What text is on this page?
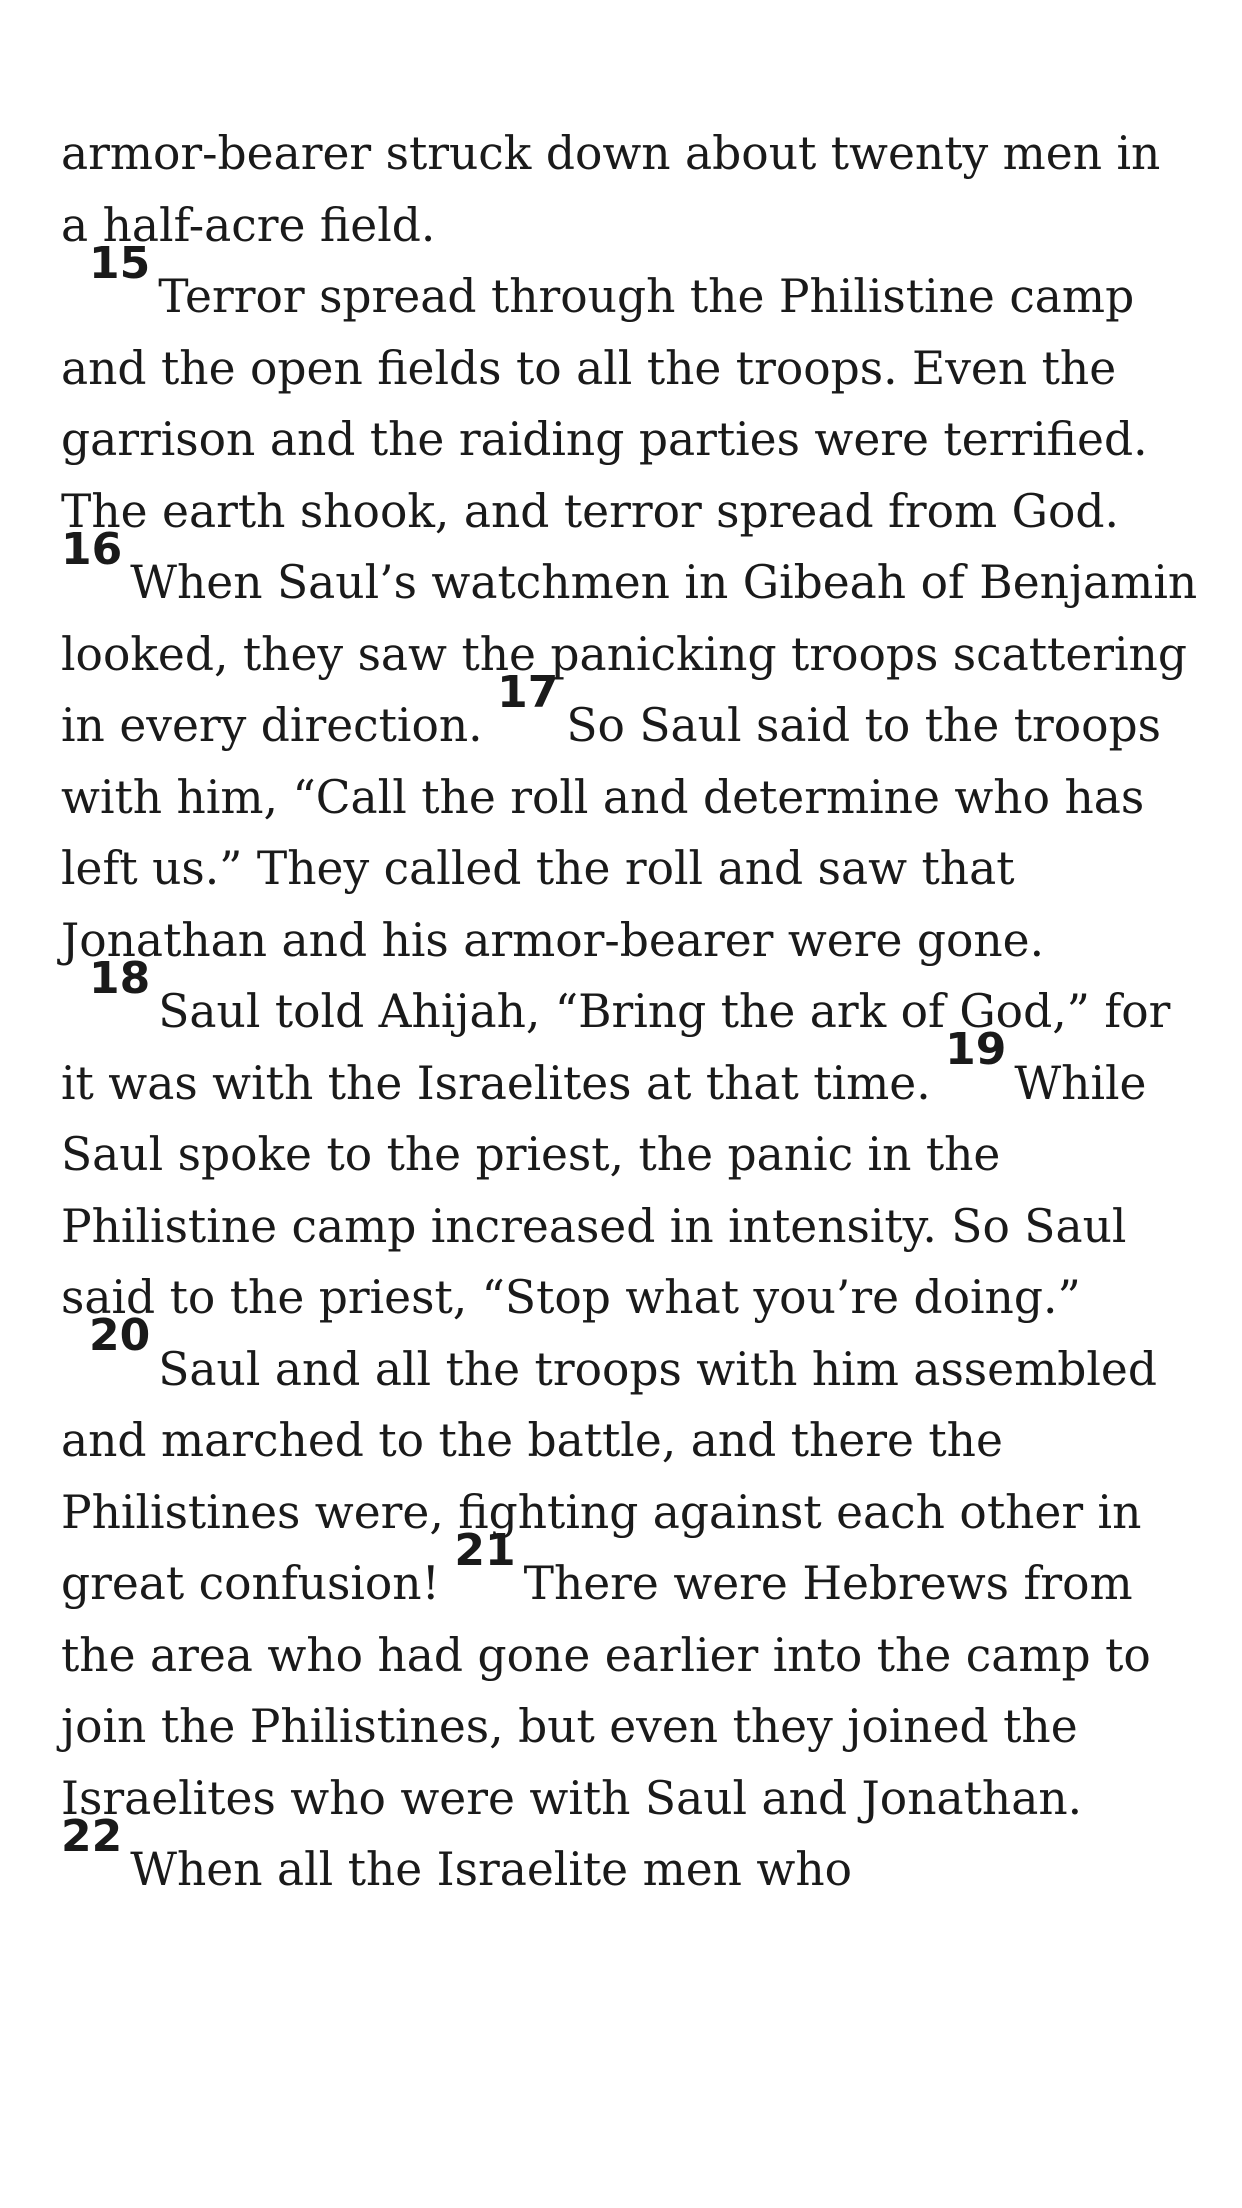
armor-bearer struck down about twenty men in a half-acre field.

$^{15}$Terror spread through the Philistine camp and the open fields to all the troops. Even the garrison and the raiding parties were terrified. The earth shook, and terror spread from God. $^{16}$When Saul’s watchmen in Gibeah of Benjamin looked, they saw the panicking troops scattering in every direction. $^{17}$So Saul said to the troops with him, “Call the roll and determine who has left us.” They called the roll and saw that Jonathan and his armor-bearer were gone.

$^{18}$Saul told Ahijah, “Bring the ark of God,” for it was with the Israelites at that time. $^{19}$While Saul spoke to the priest, the panic in the Philistine camp increased in intensity. So Saul said to the priest, “Stop what you’re doing.”

$^{20}$Saul and all the troops with him assembled and marched to the battle, and there the Philistines were, fighting against each other in great confusion! $^{21}$There were Hebrews from the area who had gone earlier into the camp to join the Philistines, but even they joined the Israelites who were with Saul and Jonathan. $^{22}$When all the Israelite men who
